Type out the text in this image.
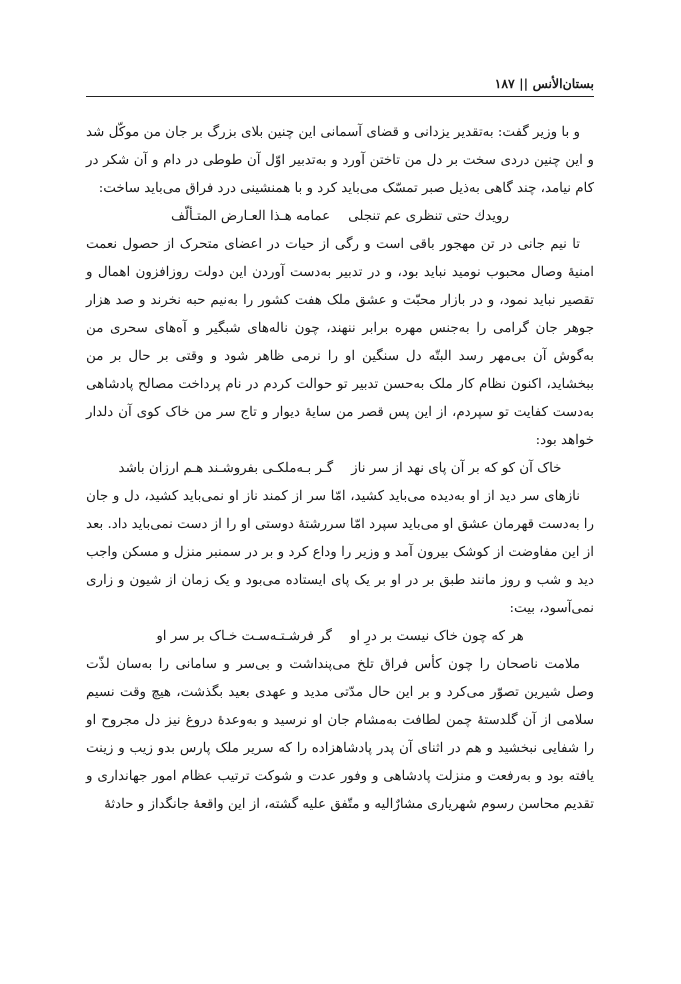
بستان‌الأنس || ۱۸۷

و با وزیر گفت: به‌تقدیر یزدانی و قضای آسمانی این چنین بلای بزرگ بر جان من موکّل شد و این چنین دردی سخت بر دل من تاختن آورد و به‌تدبیر اوّل آن طوطی در دام و آن شکر در کام نیامد، چند گاهی به‌ذیل صبر تمسّک می‌باید کرد و با همنشینی درد فراق می‌باید ساخت:

رويدك حتى تنظرى عم تنجلىعمامه هـذا العـارض المتـألّف

تا نیم جانی در تن مهجور باقی است و رگی از حیات در اعضای متحرک از حصول نعمت امنیهٔ وصال محبوب نومید نباید بود، و در تدبیر به‌دست آوردن این دولت روزافزون اهمال و تقصیر نباید نمود، و در بازار محبّت و عشق ملک هفت کشور را به‌نیم حبه نخرند و صد هزار جوهر جان گرامی را به‌جنس مهره برابر ننهند، چون ناله‌های شبگیر و آه‌های سحری من به‌گوش آن بی‌مهر رسد البتّه دل سنگین او را نرمی ظاهر شود و وقتی بر حال بر من ببخشاید، اکنون نظام کار ملک به‌حسن تدبیر تو حوالت کردم در نام پرداخت مصالح پادشاهی به‌دست کفایت تو سپردم، از این پس قصر من سایهٔ دیوار و تاج سر من خاک کوی آن دلدار خواهد بود:

خاک آن کو که بر آن پای نهد از سر نازگـر بـه‌ملکـی بفروشـند هـم ارزان باشد

نازهای سر دید از او به‌دیده می‌باید کشید، امّا سر از کمند ناز او نمی‌باید کشید، دل و جان را به‌دست قهرمان عشق او می‌باید سپرد امّا سررشتهٔ دوستی او را از دست نمی‌باید داد. بعد از این مفاوضت از کوشک بیرون آمد و وزیر را وداع کرد و بر در سمنبر منزل و مسکن واجب دید و شب و روز مانند طبق بر در او بر یک پای ایستاده می‌بود و یک زمان از شیون و زاری نمی‌آسود، بیت:

هر که چون خاک نیست بر درِ اوگر فرشـتـه‌سـت خـاک بر سر او

ملامت ناصحان را چون کأس فراق تلخ می‌پنداشت و بی‌سر و سامانی را به‌سان لذّت وصل شیرین تصوّر می‌کرد و بر این حال مدّتی مدید و عهدی بعید بگذشت، هیچ وقت نسیم سلامی از آن گلدستهٔ چمن لطافت به‌مشام جان او نرسید و به‌وعدهٔ دروغ نیز دل مجروح او را شفایی نبخشید و هم در اثنای آن پدر پادشاهزاده را که سریر ملک پارس بدو زیب و زینت یافته بود و به‌رفعت و منزلت پادشاهی و وفور عدت و شوکت ترتیب عظام امور جهانداری و تقدیم محاسن رسوم شهریاری مشارٌالیه و متّفق علیه گشته، از این واقعهٔ جانگداز و حادثهٔ
